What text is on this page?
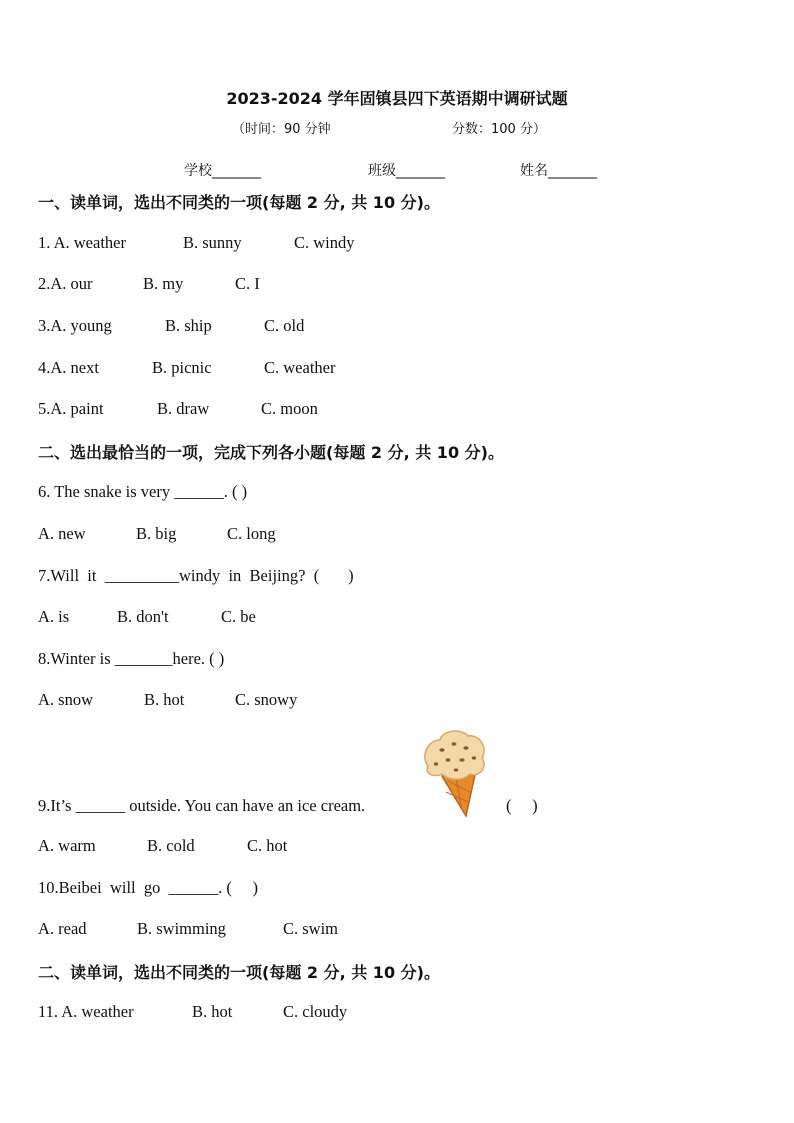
2023-2024 学年固镇县四下英语期中调研试题
（时间：90 分钟	分数：100 分）
学校_______	班级_______	姓名_______
一、读单词，选出不同类的一项(每题 2 分, 共 10 分)。
1. A. weather	B. sunny	C. windy
2.A. our	B. my	C. I
3.A. young	B. ship	C. old
4.A. next	B. picnic	C. weather
5.A. paint	B. draw	C. moon
二、选出最恰当的一项，完成下列各小题(每题 2 分, 共 10 分)。
6. The snake is very ______. ( )
A. new	B. big	C. long
7.Will  it  _________windy  in  Beijing?  (       )
A. is	B. don't	C. be
8.Winter is _______here. ( )
A. snow	B. hot	C. snowy
9.It’s ______ outside. You can have an ice cream.	(     )
A. warm	B. cold	C. hot
10.Beibei  will  go  ______. (     )
A. read	B. swimming	C. swim
二、读单词，选出不同类的一项(每题 2 分, 共 10 分)。
11. A. weather	B. hot	C. cloudy
